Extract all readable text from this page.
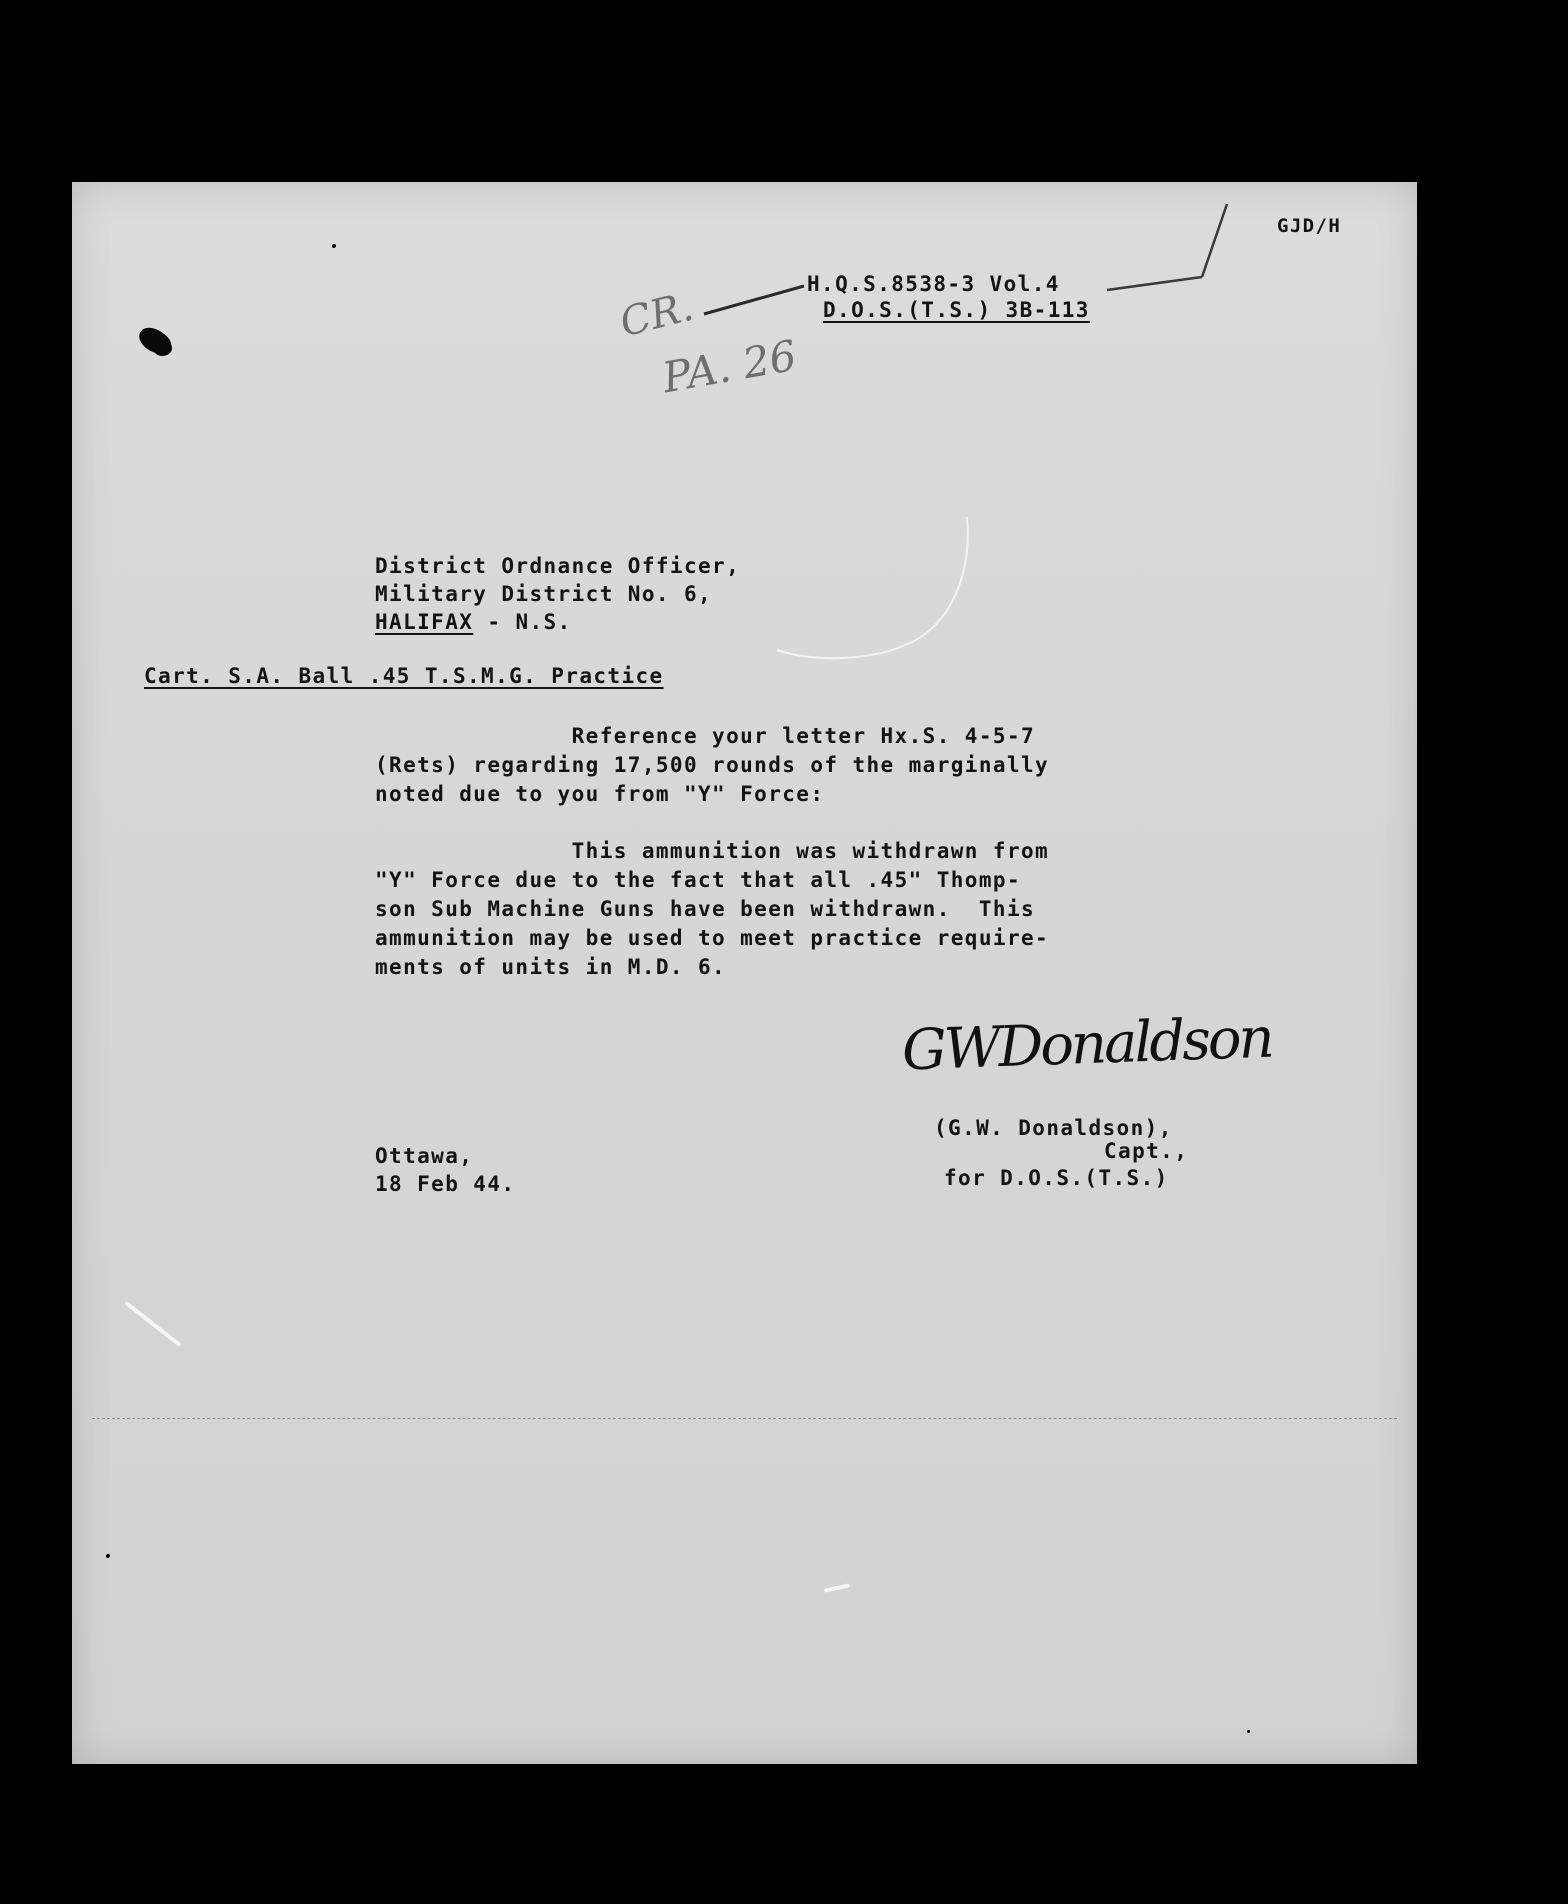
GJD/H
H.Q.S.8538-3 Vol.4
D.O.S.(T.S.) 3B-113
CR.
PA. 26
District Ordnance Officer,
Military District No. 6,
HALIFAX - N.S.
Cart. S.A. Ball .45 T.S.M.G. Practice
Reference your letter Hx.S. 4-5-7
(Rets) regarding 17,500 rounds of the marginally
noted due to you from "Y" Force:
This ammunition was withdrawn from
"Y" Force due to the fact that all .45" Thomp-
son Sub Machine Guns have been withdrawn.  This
ammunition may be used to meet practice require-
ments of units in M.D. 6.
GWDonaldson
(G.W. Donaldson),
Capt.,
for D.O.S.(T.S.)
Ottawa,
18 Feb 44.
